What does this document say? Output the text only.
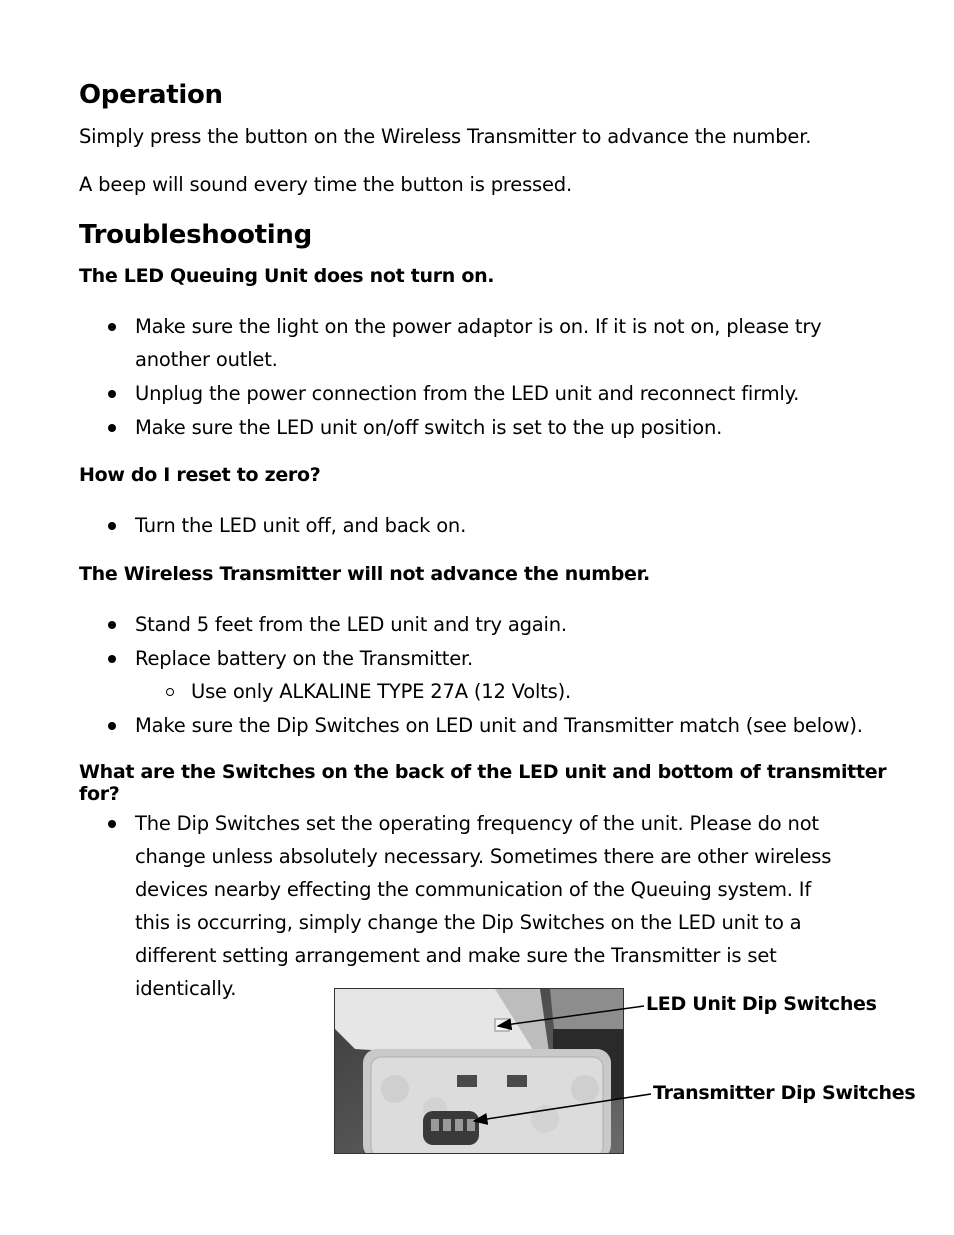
Operation

Simply press the button on the Wireless Transmitter to advance the number.

A beep will sound every time the button is pressed.

Troubleshooting

The LED Queuing Unit does not turn on.

Make sure the light on the power adaptor is on. If it is not on, please try another outlet.
Unplug the power connection from the LED unit and reconnect firmly.
Make sure the LED unit on/off switch is set to the up position.

How do I reset to zero?

Turn the LED unit off, and back on.

The Wireless Transmitter will not advance the number.

Stand 5 feet from the LED unit and try again.
Replace battery on the Transmitter.
Use only ALKALINE TYPE 27A (12 Volts).
Make sure the Dip Switches on LED unit and Transmitter match (see below).

What are the Switches on the back of the LED unit and bottom of transmitter for?

The Dip Switches set the operating frequency of the unit. Please do not change unless absolutely necessary. Sometimes there are other wireless devices nearby effecting the communication of the Queuing system. If this is occurring, simply change the Dip Switches on the LED unit to a different setting arrangement and make sure the Transmitter is set identically.
LED Unit Dip Switches
Transmitter Dip Switches
